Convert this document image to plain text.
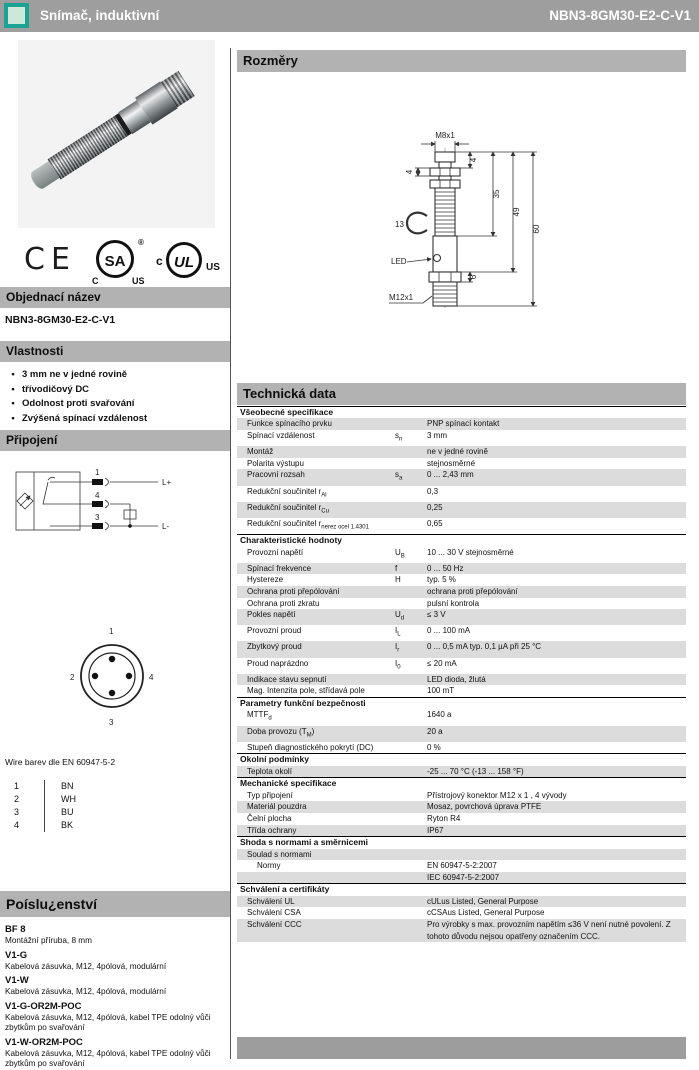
Snímač, induktivní	NBN3-8GM30-E2-C-V1
CE	SA
®
C	US
c UL	US
Objednací název
NBN3-8GM30-E2-C-V1
Vlastnosti
• 3 mm ne v jedné rovině
• třívodičový DC
• Odolnost proti svařování
• Zvýšená spínací vzdálenost
Připojení
1
4
3
L+
L-
1
2	4
3
Wire barev dle EN 60947-5-2
1	BN
2	WH
3	BU
4	BK
Poíslu¿enství
BF 8
Montážní příruba, 8 mm
V1-G
Kabelová zásuvka, M12, 4pólová, modulární
V1-W
Kabelová zásuvka, M12, 4pólová, modulární
V1-G-OR2M-POC
Kabelová zásuvka, M12, 4pólová, kabel TPE odolný vůči zbytkům po svařování
V1-W-OR2M-POC
Kabelová zásuvka, M12, 4pólová, kabel TPE odolný vůči zbytkům po svařování
Rozměry
M8x1
4
35
49
60
6
4
13
LED
M12x1
Technická data
Všeobecné specifikace
Funkce spínacího prvku	PNP spínací kontakt
Spínací vzdálenost	$s_n$	3 mm
Montáž	ne v jedné rovině
Polarita výstupu	stejnosměrné
Pracovní rozsah	$s_a$	0 ... 2,43 mm
Redukční součinitel $r_{Al}$	0,3
Redukční součinitel $r_{Cu}$	0,25
Redukční součinitel $r_{nerez ocel 1.4301}$	0,65
Charakteristické hodnoty
Provozní napětí	$U_B$	10 ... 30 V stejnosměrné
Spínací frekvence	f	0 ... 50 Hz
Hystereze	H	typ. 5 %
Ochrana proti přepólování	ochrana proti přepólování
Ochrana proti zkratu	pulsní kontrola
Pokles napětí	$U_d$	≤ 3 V
Provozní proud	$I_L$	0 ... 100 mA
Zbytkový proud	$I_r$	0 ... 0,5 mA typ. 0,1 µA při 25 °C
Proud naprázdno	$I_0$	≤ 20 mA
Indikace stavu sepnutí	LED dioda, žlutá
Mag. Intenzita pole, střídavá pole	100 mT
Parametry funkční bezpečnosti
$MTTF_d$	1640 a
Doba provozu $(T_M)$	20 a
Stupeň diagnostického pokrytí (DC)	0 %
Okolní podmínky
Teplota okolí	-25 ... 70 °C (-13 ... 158 °F)
Mechanické specifikace
Typ připojení	Přístrojový konektor M12 x 1 , 4 vývody
Materiál pouzdra	Mosaz, povrchová úprava PTFE
Čelní plocha	Ryton R4
Třída ochrany	IP67
Shoda s normami a směrnicemi
Soulad s normami
Normy	EN 60947-5-2:2007
IEC 60947-5-2:2007
Schválení a certifikáty
Schválení UL	cULus Listed, General Purpose
Schválení CSA	cCSAus Listed, General Purpose
Schválení CCC	Pro výrobky s max. provozním napětím ≤36 V není nutné povolení. Z tohoto důvodu nejsou opatřeny označením CCC.
